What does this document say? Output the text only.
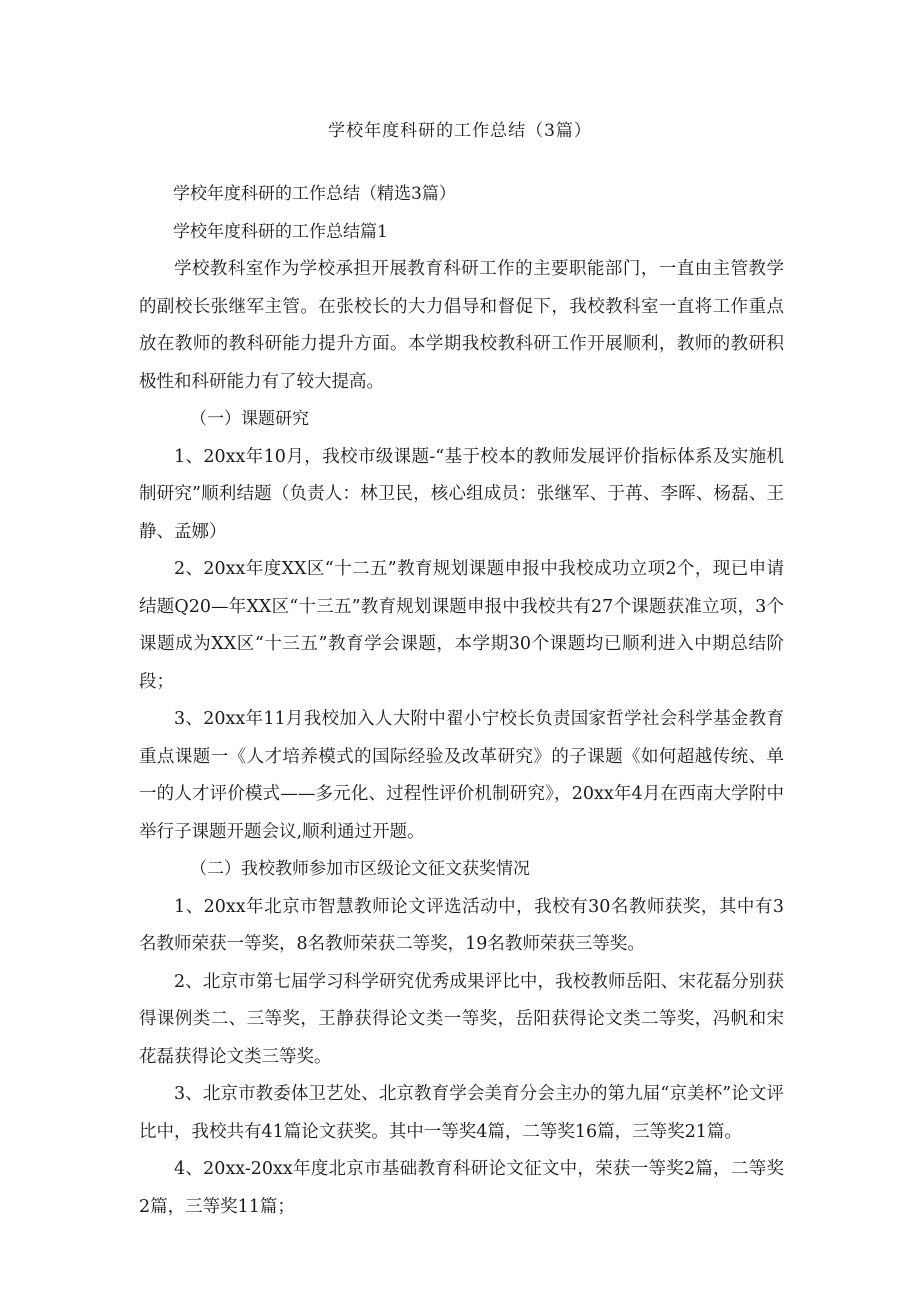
学校年度科研的工作总结（3篇）

学校年度科研的工作总结（精选3篇）

学校年度科研的工作总结篇1

学校教科室作为学校承担开展教育科研工作的主要职能部门，一直由主管教学的副校长张继军主管。在张校长的大力倡导和督促下，我校教科室一直将工作重点放在教师的教科研能力提升方面。本学期我校教科研工作开展顺利，教师的教研积极性和科研能力有了较大提高。

（一）课题研究

1、20xx年10月，我校市级课题-“基于校本的教师发展评价指标体系及实施机制研究”顺利结题（负责人：林卫民，核心组成员：张继军、于苒、李晖、杨磊、王静、孟娜）

2、20xx年度XX区“十二五”教育规划课题申报中我校成功立项2个，现已申请结题Q20—年XX区“十三五”教育规划课题申报中我校共有27个课题获准立项，3个课题成为XX区“十三五”教育学会课题，本学期30个课题均已顺利进入中期总结阶段；

3、20xx年11月我校加入人大附中翟小宁校长负责国家哲学社会科学基金教育重点课题一《人才培养模式的国际经验及改革研究》的子课题《如何超越传统、单一的人才评价模式——多元化、过程性评价机制研究》，20xx年4月在西南大学附中举行子课题开题会议,顺利通过开题。

（二）我校教师参加市区级论文征文获奖情况

1、20xx年北京市智慧教师论文评选活动中，我校有30名教师获奖，其中有3名教师荣获一等奖，8名教师荣获二等奖，19名教师荣获三等奖。

2、北京市第七届学习科学研究优秀成果评比中，我校教师岳阳、宋花磊分别获得课例类二、三等奖，王静获得论文类一等奖，岳阳获得论文类二等奖，冯帆和宋花磊获得论文类三等奖。

3、北京市教委体卫艺处、北京教育学会美育分会主办的第九届“京美杯”论文评比中，我校共有41篇论文获奖。其中一等奖4篇，二等奖16篇，三等奖21篇。

4、20xx-20xx年度北京市基础教育科研论文征文中，荣获一等奖2篇，二等奖2篇，三等奖11篇；
